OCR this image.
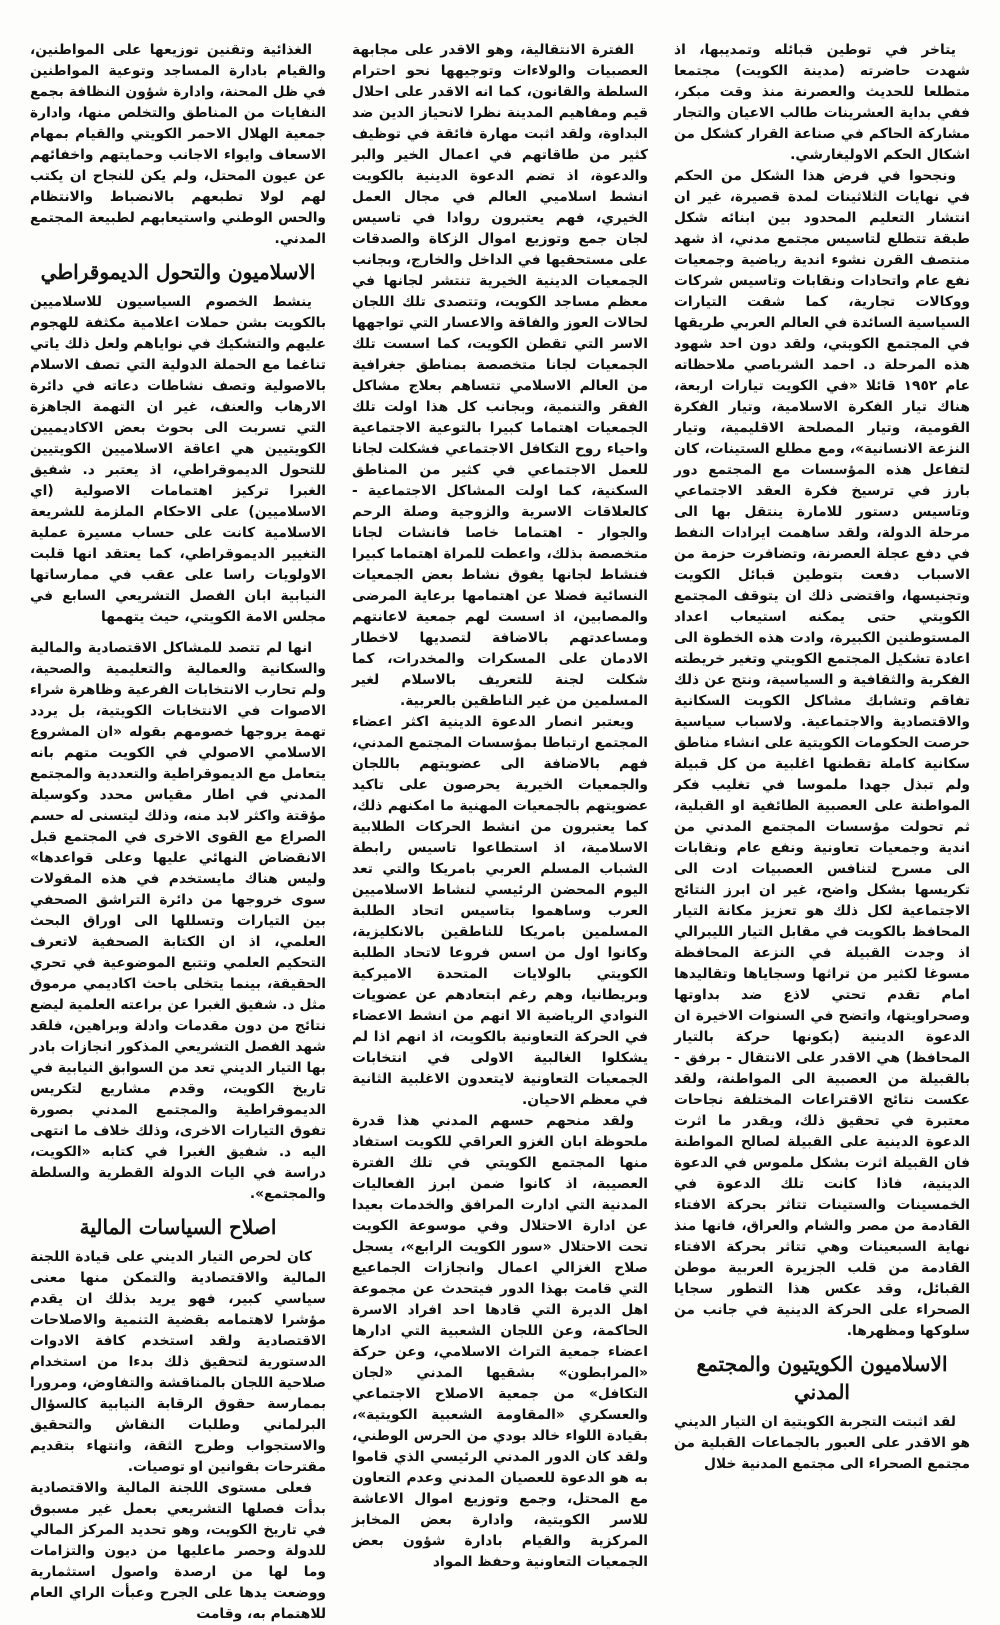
يتاخر في توطين قبائله وتمديبها، اذ شهدت حاضرته (مدينة الكويت) مجتمعا متطلعا للحديث والعصرنة منذ وقت مبكر، ففي بداية العشرينات طالب الاعيان والتجار مشاركة الحاكم في صناعة القرار كشكل من اشكال الحكم الاوليغارشي.

ونجحوا في فرض هذا الشكل من الحكم في نهايات الثلاثينات لمدة قصيرة، غير ان انتشار التعليم المحدود بين ابنائه شكل طبقة تتطلع لتاسيس مجتمع مدني، اذ شهد منتصف القرن نشوء اندية رياضية وجمعيات نفع عام واتحادات ونقابات وتاسيس شركات ووكالات تجارية، كما شقت التيارات السياسية السائدة في العالم العربي طريقها في المجتمع الكويتي، ولقد دون احد شهود هذه المرحلة د. احمد الشرباصي ملاحظاته عام ١٩٥٢ قائلا «في الكويت تيارات اربعة، هناك تيار الفكرة الاسلامية، وتيار الفكرة القومية، وتيار المصلحة الاقليمية، وتيار النزعة الانسانية»، ومع مطلع الستينات، كان لتفاعل هذه المؤسسات مع المجتمع دور بارز في ترسيخ فكرة العقد الاجتماعي وتاسيس دستور للامارة ينتقل بها الى مرحلة الدولة، ولقد ساهمت ايرادات النفط في دفع عجلة العصرنة، وتضافرت حزمة من الاسباب دفعت بتوطين قبائل الكويت وتجنيسها، واقتضى ذلك ان يتوقف المجتمع الكويتي حتى يمكنه استيعاب اعداد المستوطنين الكبيرة، وادت هذه الخطوة الى اعادة تشكيل المجتمع الكويتي وتغير خريطته الفكرية والثقافية و السياسية، ونتج عن ذلك تفاقم وتشابك مشاكل الكويت السكانية والاقتصادية والاجتماعية. ولاسباب سياسية حرصت الحكومات الكويتية على انشاء مناطق سكانية كاملة تقطنها اغلبية من كل قبيلة ولم تبذل جهدا ملموسا في تغليب فكر المواطنة على العصبية الطائفية او القبلية، ثم تحولت مؤسسات المجتمع المدني من اندية وجمعيات تعاونية ونفع عام ونقابات الى مسرح لتنافس العصبيات ادت الى تكريسها بشكل واضح، غير ان ابرز النتائج الاجتماعية لكل ذلك هو تعزيز مكانة التيار المحافظ بالكويت في مقابل التيار الليبرالي اذ وجدت القبيلة في النزعة المحافظة مسوغا لكثير من تراثها وسجاياها وتقاليدها امام تقدم تحتي لاذع ضد بداوتها وصحراويتها، واتضح في السنوات الاخيرة ان الدعوة الدينية (بكونها حركة بالتيار المحافظ) هي الاقدر على الانتقال - برفق - بالقبيلة من العصبية الى المواطنة، ولقد عكست نتائج الاقتراعات المختلفة نجاحات معتبرة في تحقيق ذلك، ويقدر ما اثرت الدعوة الدينية على القبيلة لصالح المواطنة فان القبيلة اثرت بشكل ملموس في الدعوة الدينية، فاذا كانت تلك الدعوة في الخمسينات والستينات تتاثر بحركة الافتاء القادمة من مصر والشام والعراق، فانها منذ نهاية السبعينات وهي تتاثر بحركة الافتاء القادمة من قلب الجزيرة العربية موطن القبائل، وقد عكس هذا التطور سجايا الصحراء على الحركة الدينية في جانب من سلوكها ومظهرها.

الاسلاميون الكويتيون والمجتمع المدني

لقد اثبتت التجربة الكويتية ان التيار الديني هو الاقدر على العبور بالجماعات القبلية من مجتمع الصحراء الى مجتمع المدنية خلال

الفترة الانتقالية، وهو الاقدر على مجابهة العصبيات والولاءات وتوجيهها نحو احترام السلطة والقانون، كما انه الاقدر على احلال قيم ومفاهيم المدينة نظرا لانحياز الدين ضد البداوة، ولقد اثبت مهارة فائقة في توظيف كثير من طاقاتهم في اعمال الخير والبر والدعوة، اذ تضم الدعوة الدينية بالكويت انشط اسلاميي العالم في مجال العمل الخيري، فهم يعتبرون روادا في تاسيس لجان جمع وتوزيع اموال الزكاة والصدقات على مستحقيها في الداخل والخارج، وبجانب الجمعيات الدينية الخيرية تنتشر لجانها في معظم مساجد الكويت، وتتصدى تلك اللجان لحالات العوز والفاقة والاعسار التي تواجهها الاسر التي تقطن الكويت، كما اسست تلك الجمعيات لجانا متخصصة بمناطق جغرافية من العالم الاسلامي تتساهم بعلاج مشاكل الفقر والتنمية، وبجانب كل هذا اولت تلك الجمعيات اهتماما كبيرا بالتوعية الاجتماعية واحياء روح التكافل الاجتماعي فشكلت لجانا للعمل الاجتماعي في كثير من المناطق السكنية، كما اولت المشاكل الاجتماعية - كالعلاقات الاسرية والزوجية وصلة الرحم والجوار - اهتماما خاصا فانشات لجانا متخصصة بذلك، واعطت للمراة اهتماما كبيرا فنشاط لجانها يفوق نشاط بعض الجمعيات النسائية فضلا عن اهتمامها برعاية المرضى والمصابين، اذ اسست لهم جمعية لاعانتهم ومساعدتهم بالاضافة لتصديها لاخطار الادمان على المسكرات والمخدرات، كما شكلت لجنة للتعريف بالاسلام لغير المسلمين من غير الناطقين بالعربية.

ويعتبر انصار الدعوة الدينية اكثر اعضاء المجتمع ارتباطا بمؤسسات المجتمع المدني، فهم بالاضافة الى عضويتهم باللجان والجمعيات الخيرية يحرصون على تاكيد عضويتهم بالجمعيات المهنية ما امكنهم ذلك، كما يعتبرون من انشط الحركات الطلابية الاسلامية، اذ استطاعوا تاسيس رابطة الشباب المسلم العربي بامريكا والتي تعد اليوم المحضن الرئيسي لنشاط الاسلاميين العرب وساهموا بتاسيس اتحاد الطلبة المسلمين بامريكا للناطقين بالانكليزية، وكانوا اول من اسس فروعا لاتحاد الطلبة الكويتي بالولايات المتحدة الاميركية وبريطانيا، وهم رغم ابتعادهم عن عضويات النوادي الرياضية الا انهم من انشط الاعضاء في الحركة التعاونية بالكويت، اذ انهم اذا لم يشكلوا الغالبية الاولى في انتخابات الجمعيات التعاونية لايتعدون الاغلبية الثانية في معظم الاحيان.

ولقد منحهم حسهم المدني هذا قدرة ملحوظة ابان الغزو العراقي للكويت استفاد منها المجتمع الكويتي في تلك الفترة العصيبة، اذ كانوا ضمن ابرز الفعاليات المدنية التي ادارت المرافق والخدمات بعيدا عن ادارة الاحتلال وفي موسوعة الكويت تحت الاحتلال «سور الكويت الرابع»، يسجل صلاح الغزالي اعمال وانجازات الجماعيع التي قامت بهذا الدور فيتحدث عن مجموعة اهل الديرة التي قادها احد افراد الاسرة الحاكمة، وعن اللجان الشعبية التي ادارها اعضاء جمعية التراث الاسلامي، وعن حركة «المرابطون» بشقيها المدني «لجان التكافل» من جمعية الاصلاح الاجتماعي والعسكري «المقاومة الشعبية الكويتية»، بقيادة اللواء خالد بودي من الحرس الوطني، ولقد كان الدور المدني الرئيسي الذي قاموا به هو الدعوة للعصيان المدني وعدم التعاون مع المحتل، وجمع وتوزيع اموال الاعاشة للاسر الكويتية، وادارة بعض المخابز المركزية والقيام بادارة شؤون بعض الجمعيات التعاونية وحفظ المواد

الغذائية وتقنين توزيعها على المواطنين، والقيام بادارة المساجد وتوعية المواطنين في ظل المحنة، وادارة شؤون النظافة بجمع النفايات من المناطق والتخلص منها، وادارة جمعية الهلال الاحمر الكويتي والقيام بمهام الاسعاف وايواء الاجانب وحمايتهم واخفائهم عن عيون المحتل، ولم يكن للنجاح ان يكتب لهم لولا تطبعهم بالانضباط والانتظام والحس الوطني واستيعابهم لطبيعة المجتمع المدني.

الاسلاميون والتحول الديموقراطي

ينشط الخصوم السياسيون للاسلاميين بالكويت بشن حملات اعلامية مكثفة للهجوم عليهم والتشكيك في نواياهم ولعل ذلك ياتي تناغما مع الحملة الدولية التي تصف الاسلام بالاصولية وتصف نشاطات دعاته في دائرة الارهاب والعنف، غير ان التهمة الجاهزة التي تسربت الى بحوث بعض الاكاديميين الكويتيين هي اعاقة الاسلاميين الكويتيين للتحول الديموقراطي، اذ يعتبر د. شفيق الغبرا تركيز اهتمامات الاصولية (اي الاسلاميين) على الاحكام الملزمة للشريعة الاسلامية كانت على حساب مسيرة عملية التغيير الديموقراطي، كما يعتقد انها قلبت الاولويات راسا على عقب في ممارساتها النيابية ابان الفصل التشريعي السابع في مجلس الامة الكويتي، حيث يتهمها

انها لم تتصد للمشاكل الاقتصادية والمالية والسكانية والعمالية والتعليمية والصحية، ولم تحارب الانتخابات الفرعية وظاهرة شراء الاصوات في الانتخابات الكويتية، بل يردد تهمة يروجها خصومهم بقوله «ان المشروع الاسلامي الاصولي في الكويت متهم بانه يتعامل مع الديموقراطية والتعددية والمجتمع المدني في اطار مقياس محدد وكوسيلة مؤقتة واكثر لابد منه، وذلك ليتسنى له حسم الصراع مع القوى الاخرى في المجتمع قبل الانقضاض النهائي عليها وعلى قواعدها» وليس هناك مايستخدم في هذه المقولات سوى خروجها من دائرة التراشق الصحفي بين التيارات وتسللها الى اوراق البحث العلمي، اذ ان الكتابة الصحفية لاتعرف التحكيم العلمي وتتبع الموضوعية في تحري الحقيقة، بينما يتخلى باحث اكاديمي مرموق مثل د. شفيق الغبرا عن براعته العلمية ليضع نتائج من دون مقدمات وادلة وبراهين، فلقد شهد الفصل التشريعي المذكور انجازات بادر بها التيار الديني تعد من السوابق النيابية في تاريخ الكويت، وقدم مشاريع لتكريس الديموقراطية والمجتمع المدني بصورة تفوق التيارات الاخرى، وذلك خلاف ما انتهى اليه د. شفيق الغبرا في كتابه «الكويت، دراسة في اليات الدولة القطرية والسلطة والمجتمع».

اصلاح السياسات المالية

كان لحرص التيار الديني على قيادة اللجنة المالية والاقتصادية والتمكن منها معنى سياسي كبير، فهو يريد بذلك ان يقدم مؤشرا لاهتمامه بقضية التنمية والاصلاحات الاقتصادية ولقد استخدم كافة الادوات الدستورية لتحقيق ذلك بدءا من استخدام صلاحية اللجان بالمناقشة والتفاوض، ومرورا بممارسة حقوق الرقابة النيابية كالسؤال البرلماني وطلبات النقاش والتحقيق والاستجواب وطرح الثقة، وانتهاء بتقديم مقترحات بقوانين او توصيات.

فعلى مستوى اللجنة المالية والاقتصادية بدأت فصلها التشريعي بعمل غير مسبوق في تاريخ الكويت، وهو تحديد المركز المالي للدولة وحصر ماعليها من ديون والتزامات وما لها من ارصدة واصول استثمارية ووضعت يدها على الجرح وعبأت الراي العام للاهتمام به، وقامت
